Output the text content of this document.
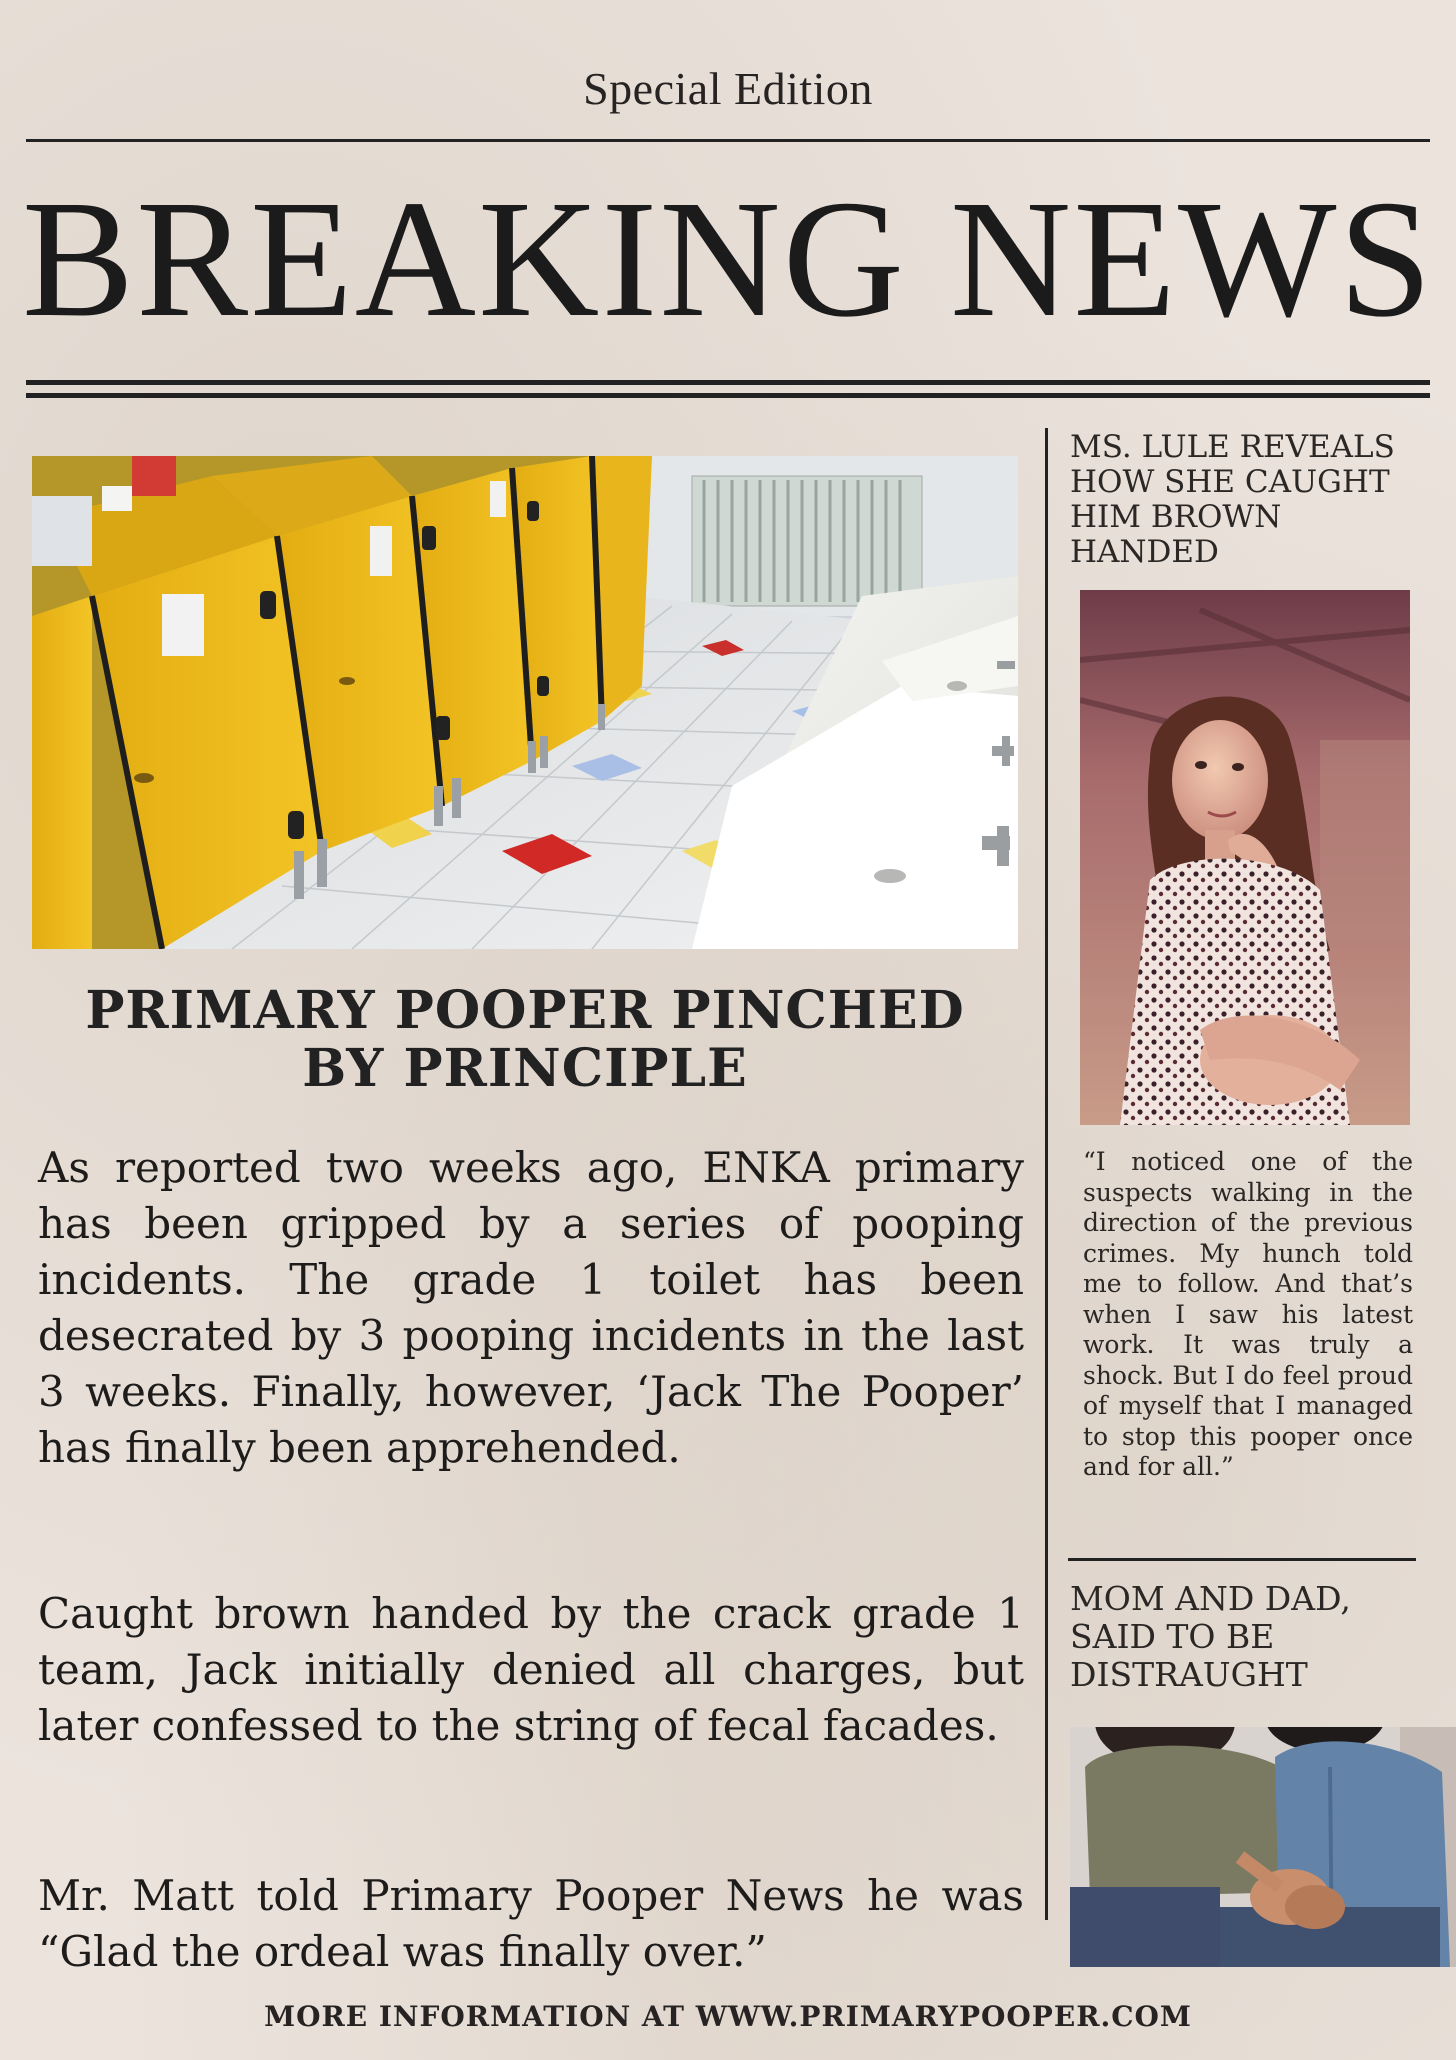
Special Edition
BREAKING NEWS
PRIMARY POOPER PINCHED
BY PRINCIPLE

As reported two weeks ago, ENKA primary has been gripped by a series of pooping incidents. The grade 1 toilet has been desecrated by 3 pooping incidents in the last 3 weeks. Finally, however, ‘Jack The Pooper’ has finally been apprehended.

Caught brown handed by the crack grade 1 team, Jack initially denied all charges, but later confessed to the string of fecal facades.

Mr. Matt told Primary Pooper News he was “Glad the ordeal was finally over.”

MS. LULE REVEALS HOW SHE CAUGHT HIM BROWN HANDED
“I noticed one of the suspects walking in the direction of the previous crimes. My hunch told me to follow. And that’s when I saw his latest work. It was truly a shock. But I do feel proud of myself that I managed to stop this pooper once and for all.”
MOM AND DAD, SAID TO BE DISTRAUGHT
MORE INFORMATION AT WWW.PRIMARYPOOPER.COM
